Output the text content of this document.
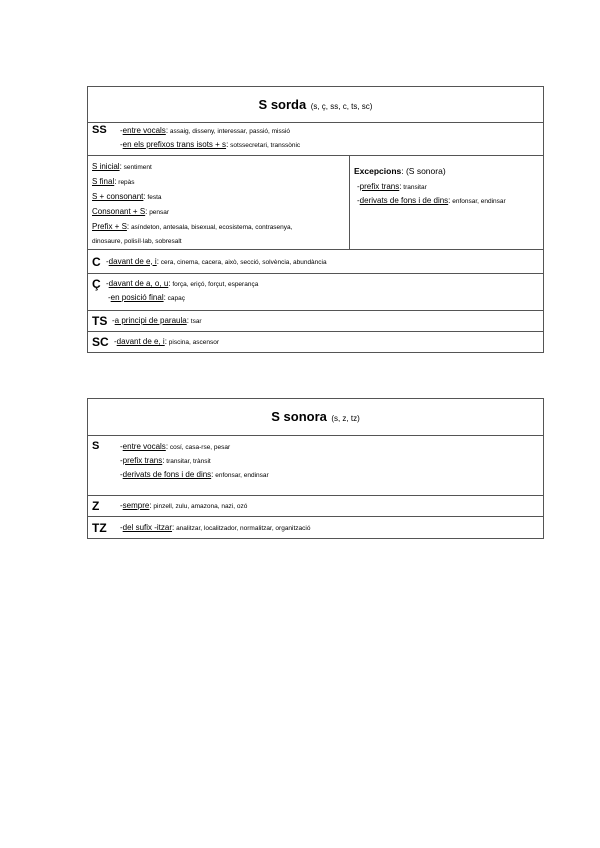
S sorda (s, ç, ss, c, ts, sc)

SS	-entre vocals: assaig, disseny, interessar, passió, missió
-en els prefixos trans isots + s: sotssecretari, transsònic

S inicial: sentiment
S final: repàs
S + consonant: festa
Consonant + S: pensar
Prefix + S: asíndeton, antesala, bisexual, ecosistema, contrasenya,
dinosaure, polisíl·lab, sobresalt

Excepcions: (S sonora)
-prefix trans: transitar
-derivats de fons i de dins: enfonsar, endinsar

C -davant de e, i: cera, cinema, cacera, això, secció, solvència, abundància

Ç -davant de a, o, u: força, eriçó, forçut, esperança
-en posició final: capaç

TS -a principi de paraula: tsar

SC -davant de e, i: piscina, ascensor
S sonora (s, z, tz)

S	-entre vocals: cosí, casa-rse, pesar
-prefix trans: transitar, trànsit
-derivats de fons i de dins: enfonsar, endinsar

Z	-sempre: pinzell, zulu, amazona, nazi, ozó

TZ	-del sufix -itzar: analitzar, localitzador, normalitzar, organització
